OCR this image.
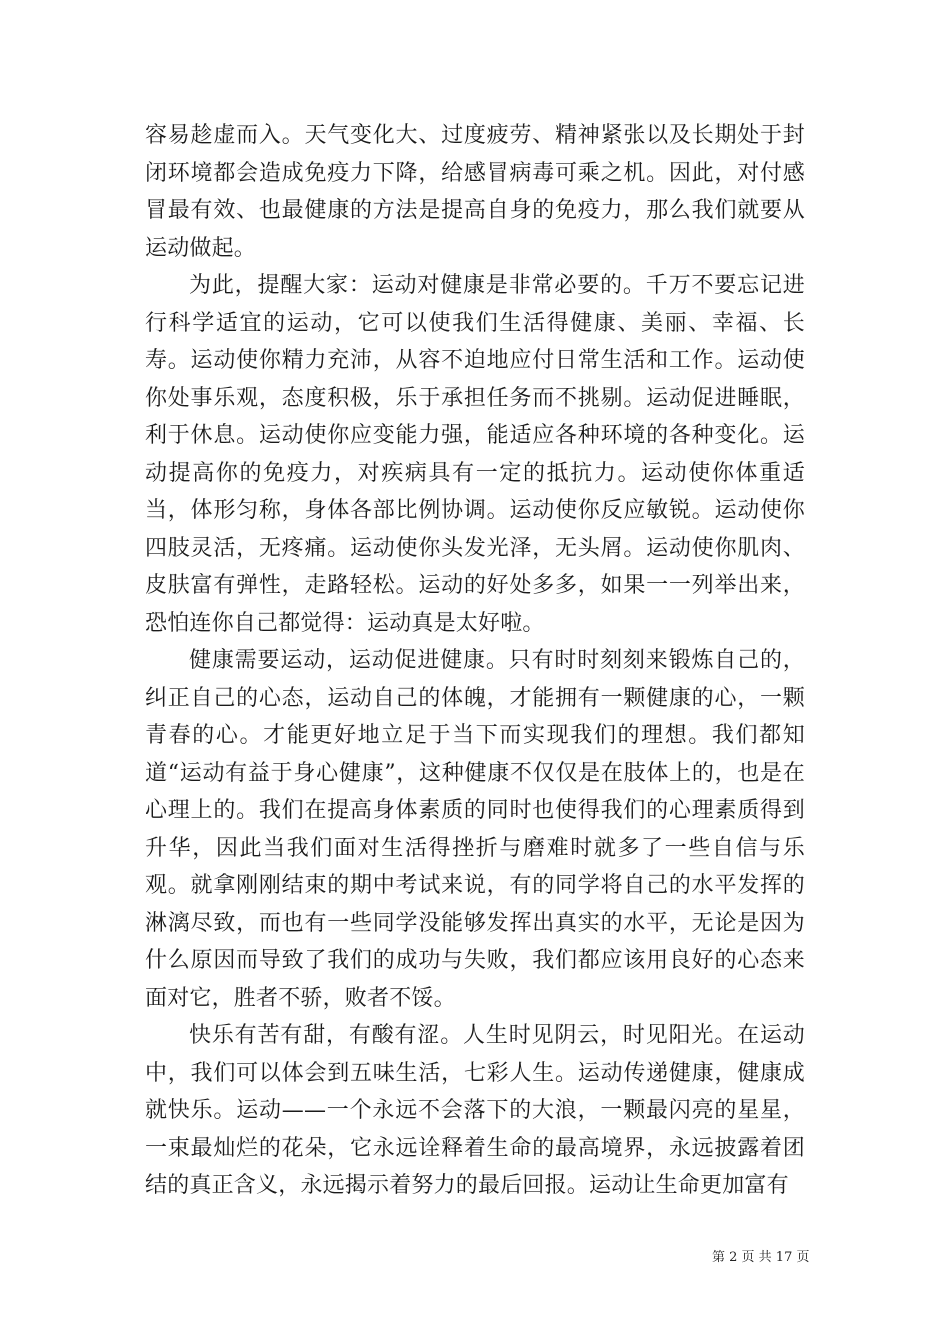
容易趁虚而入。天气变化大、过度疲劳、精神紧张以及长期处于封闭环境都会造成免疫力下降，给感冒病毒可乘之机。因此，对付感冒最有效、也最健康的方法是提高自身的免疫力，那么我们就要从运动做起。

为此，提醒大家：运动对健康是非常必要的。千万不要忘记进行科学适宜的运动，它可以使我们生活得健康、美丽、幸福、长寿。运动使你精力充沛，从容不迫地应付日常生活和工作。运动使你处事乐观，态度积极，乐于承担任务而不挑剔。运动促进睡眠，利于休息。运动使你应变能力强，能适应各种环境的各种变化。运动提高你的免疫力，对疾病具有一定的抵抗力。运动使你体重适当，体形匀称，身体各部比例协调。运动使你反应敏锐。运动使你四肢灵活，无疼痛。运动使你头发光泽，无头屑。运动使你肌肉、皮肤富有弹性，走路轻松。运动的好处多多，如果一一列举出来，恐怕连你自己都觉得：运动真是太好啦。

健康需要运动，运动促进健康。只有时时刻刻来锻炼自己的，纠正自己的心态，运动自己的体魄，才能拥有一颗健康的心，一颗青春的心。才能更好地立足于当下而实现我们的理想。我们都知道“运动有益于身心健康”，这种健康不仅仅是在肢体上的，也是在心理上的。我们在提高身体素质的同时也使得我们的心理素质得到升华，因此当我们面对生活得挫折与磨难时就多了一些自信与乐观。就拿刚刚结束的期中考试来说，有的同学将自己的水平发挥的淋漓尽致，而也有一些同学没能够发挥出真实的水平，无论是因为什么原因而导致了我们的成功与失败，我们都应该用良好的心态来面对它，胜者不骄，败者不馁。

快乐有苦有甜，有酸有涩。人生时见阴云，时见阳光。在运动中，我们可以体会到五味生活，七彩人生。运动传递健康，健康成就快乐。运动——一个永远不会落下的大浪，一颗最闪亮的星星，一束最灿烂的花朵，它永远诠释着生命的最高境界，永远披露着团结的真正含义，永远揭示着努力的最后回报。运动让生命更加富有

第 2 页 共 17 页
